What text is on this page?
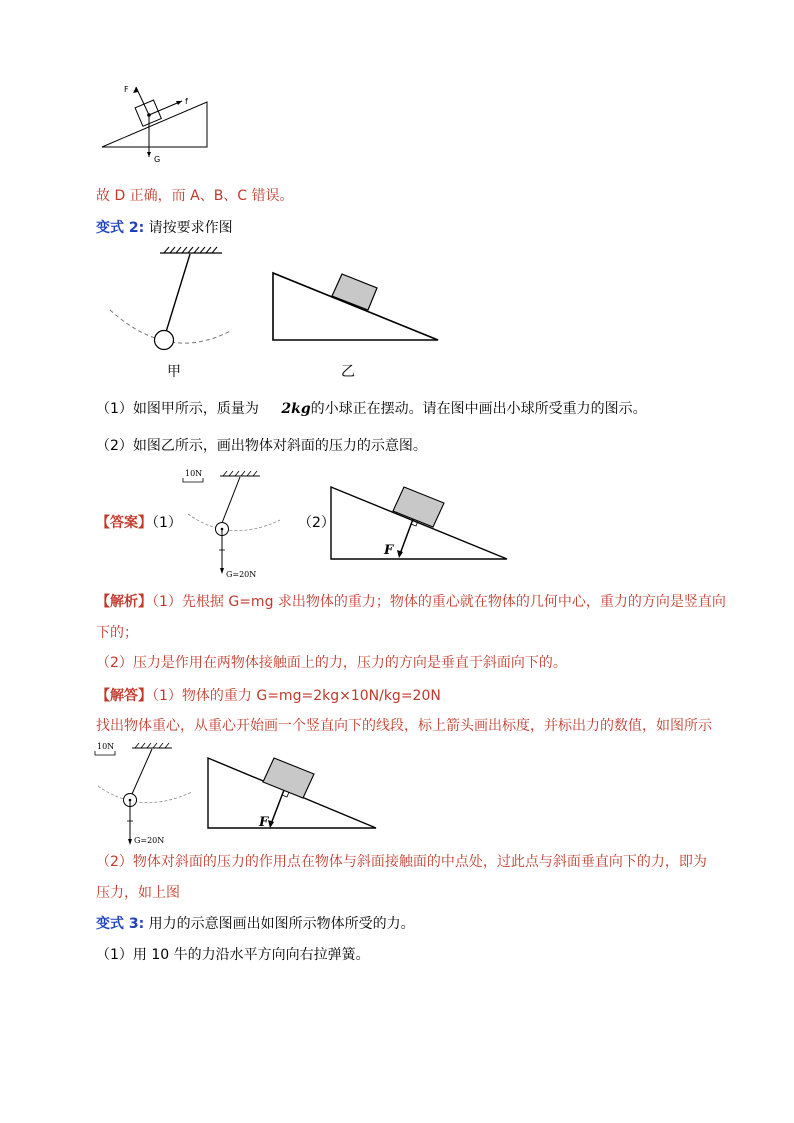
F
f
G
故 D 正确，而 A、B、C 错误。
变式 2: 请按要求作图
甲	乙
（1）如图甲所示，质量为 2kg的小球正在摆动。请在图中画出小球所受重力的图示。
（2）如图乙所示，画出物体对斜面的压力的示意图。
【答案】（1）	（2）
10N
G=20N
F
【解析】（1）先根据 G=mg 求出物体的重力；物体的重心就在物体的几何中心，重力的方向是竖直向
下的；
（2）压力是作用在两物体接触面上的力，压力的方向是垂直于斜面向下的。
【解答】（1）物体的重力 G=mg=2kg×10N/kg=20N
找出物体重心，从重心开始画一个竖直向下的线段，标上箭头画出标度，并标出力的数值，如图所示
10N
G=20N
F
（2）物体对斜面的压力的作用点在物体与斜面接触面的中点处，过此点与斜面垂直向下的力，即为
压力，如上图
变式 3: 用力的示意图画出如图所示物体所受的力。
（1）用 10 牛的力沿水平方向向右拉弹簧。
